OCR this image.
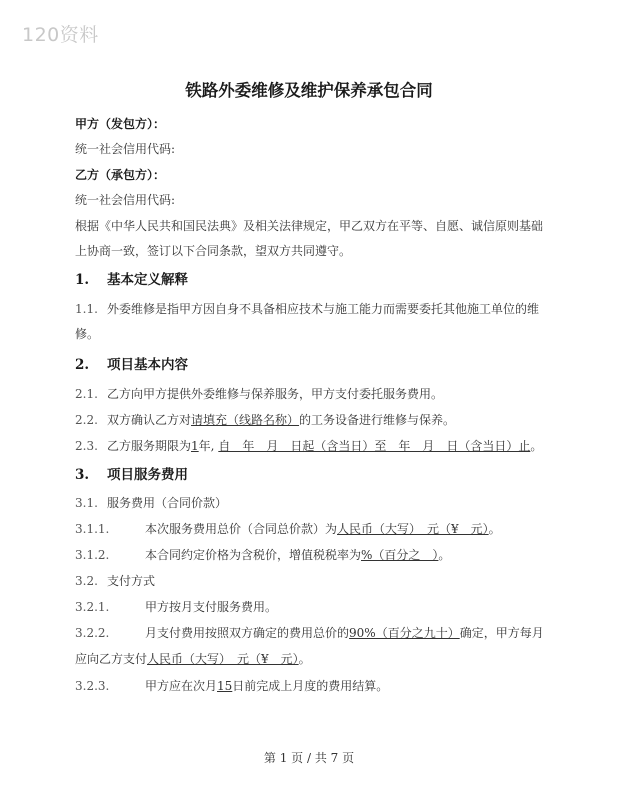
120资料
铁路外委维修及维护保养承包合同
甲方（发包方）：
统一社会信用代码:
乙方（承包方）：
统一社会信用代码:
根据《中华人民共和国民法典》及相关法律规定，甲乙双方在平等、自愿、诚信原则基础
上协商一致，签订以下合同条款，望双方共同遵守。
1. 基本定义解释
1.1. 外委维修是指甲方因自身不具备相应技术与施工能力而需要委托其他施工单位的维
修。
2. 项目基本内容
2.1. 乙方向甲方提供外委维修与保养服务，甲方支付委托服务费用。
2.2. 双方确认乙方对请填充（线路名称）的工务设备进行维修与保养。
2.3. 乙方服务期限为1年, 自　年　月　日起（含当日）至　年　月　日（含当日）止。
3. 项目服务费用
3.1. 服务费用（合同价款）
3.1.1.	本次服务费用总价（合同总价款）为人民币（大写）　元（¥　元）。
3.1.2.	本合同约定价格为含税价，增值税税率为%（百分之　）。
3.2. 支付方式
3.2.1.	甲方按月支付服务费用。
3.2.2.	月支付费用按照双方确定的费用总价的90%（百分之九十）确定，甲方每月
应向乙方支付人民币（大写）　元（¥　元）。
3.2.3.	甲方应在次月15日前完成上月度的费用结算。
第 1 页 / 共 7 页
